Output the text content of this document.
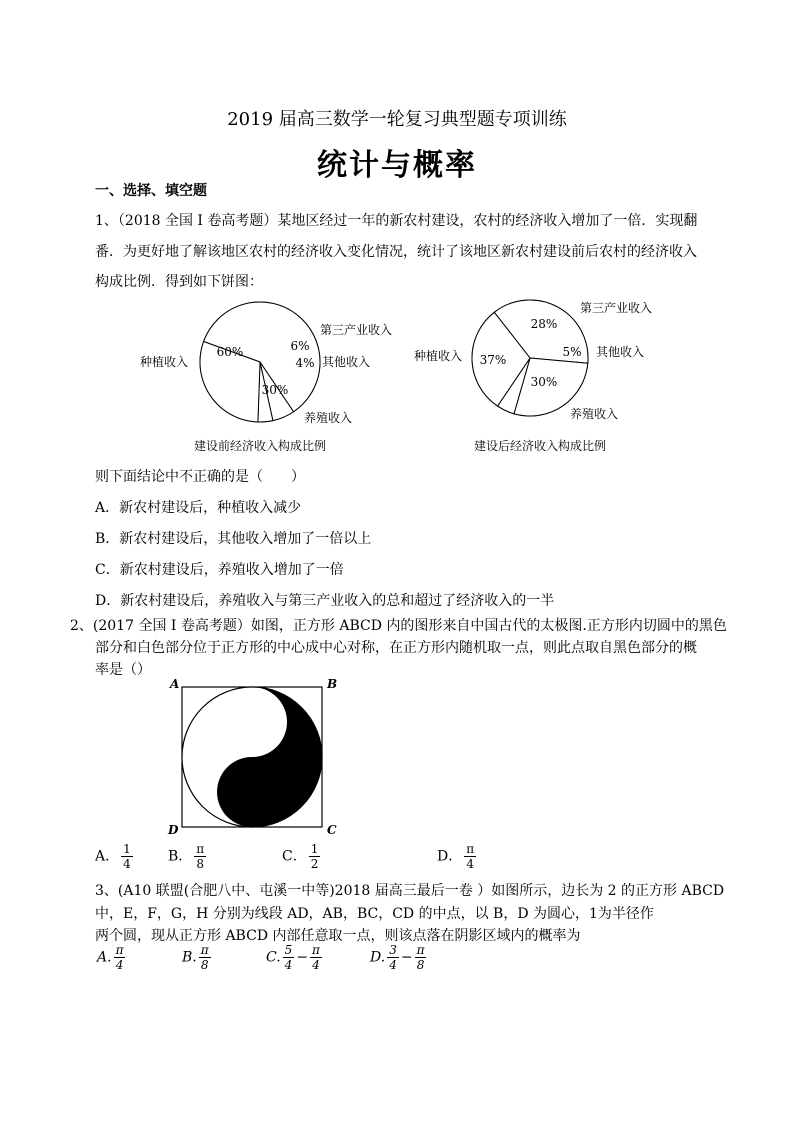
2019 届高三数学一轮复习典型题专项训练
统计与概率
一、选择、填空题
1、（2018 全国 I 卷高考题）某地区经过一年的新农村建设，农村的经济收入增加了一倍．实现翻
番．为更好地了解该地区农村的经济收入变化情况，统计了该地区新农村建设前后农村的经济收入
构成比例．得到如下饼图：
60%	6%
4%
30%
种植收入
第三产业收入
其他收入
养殖收入
建设前经济收入构成比例
37%
28%
5%
30%
种植收入
第三产业收入
其他收入
养殖收入
建设后经济收入构成比例
则下面结论中不正确的是（　　）
A．新农村建设后，种植收入减少
B．新农村建设后，其他收入增加了一倍以上
C．新农村建设后，养殖收入增加了一倍
D．新农村建设后，养殖收入与第三产业收入的总和超过了经济收入的一半
2、(2017 全国 I 卷高考题）如图，正方形 ABCD 内的图形来自中国古代的太极图.正方形内切圆中的黑色
部分和白色部分位于正方形的中心成中心对称，在正方形内随机取一点，则此点取自黑色部分的概
率是（）
A	B
D	C
A． $\frac{1}{4}$	B． $\frac{\pi}{8}$	C． $\frac{1}{2}$	D． $\frac{\pi}{4}$
3、(A10 联盟(合肥八中、屯溪一中等)2018 届高三最后一卷 ）如图所示，边长为 2 的正方形 ABCD
中，E，F，G，H 分别为线段 AD，AB，BC，CD 的中点，以 B，D 为圆心，1为半径作
两个圆，现从正方形 ABCD 内部任意取一点，则该点落在阴影区域内的概率为
A. $\frac{\pi}{4}$	B. $\frac{\pi}{8}$	C. $\frac{5}{4} - \frac{\pi}{4}$	D. $\frac{3}{4} - \frac{\pi}{8}$
